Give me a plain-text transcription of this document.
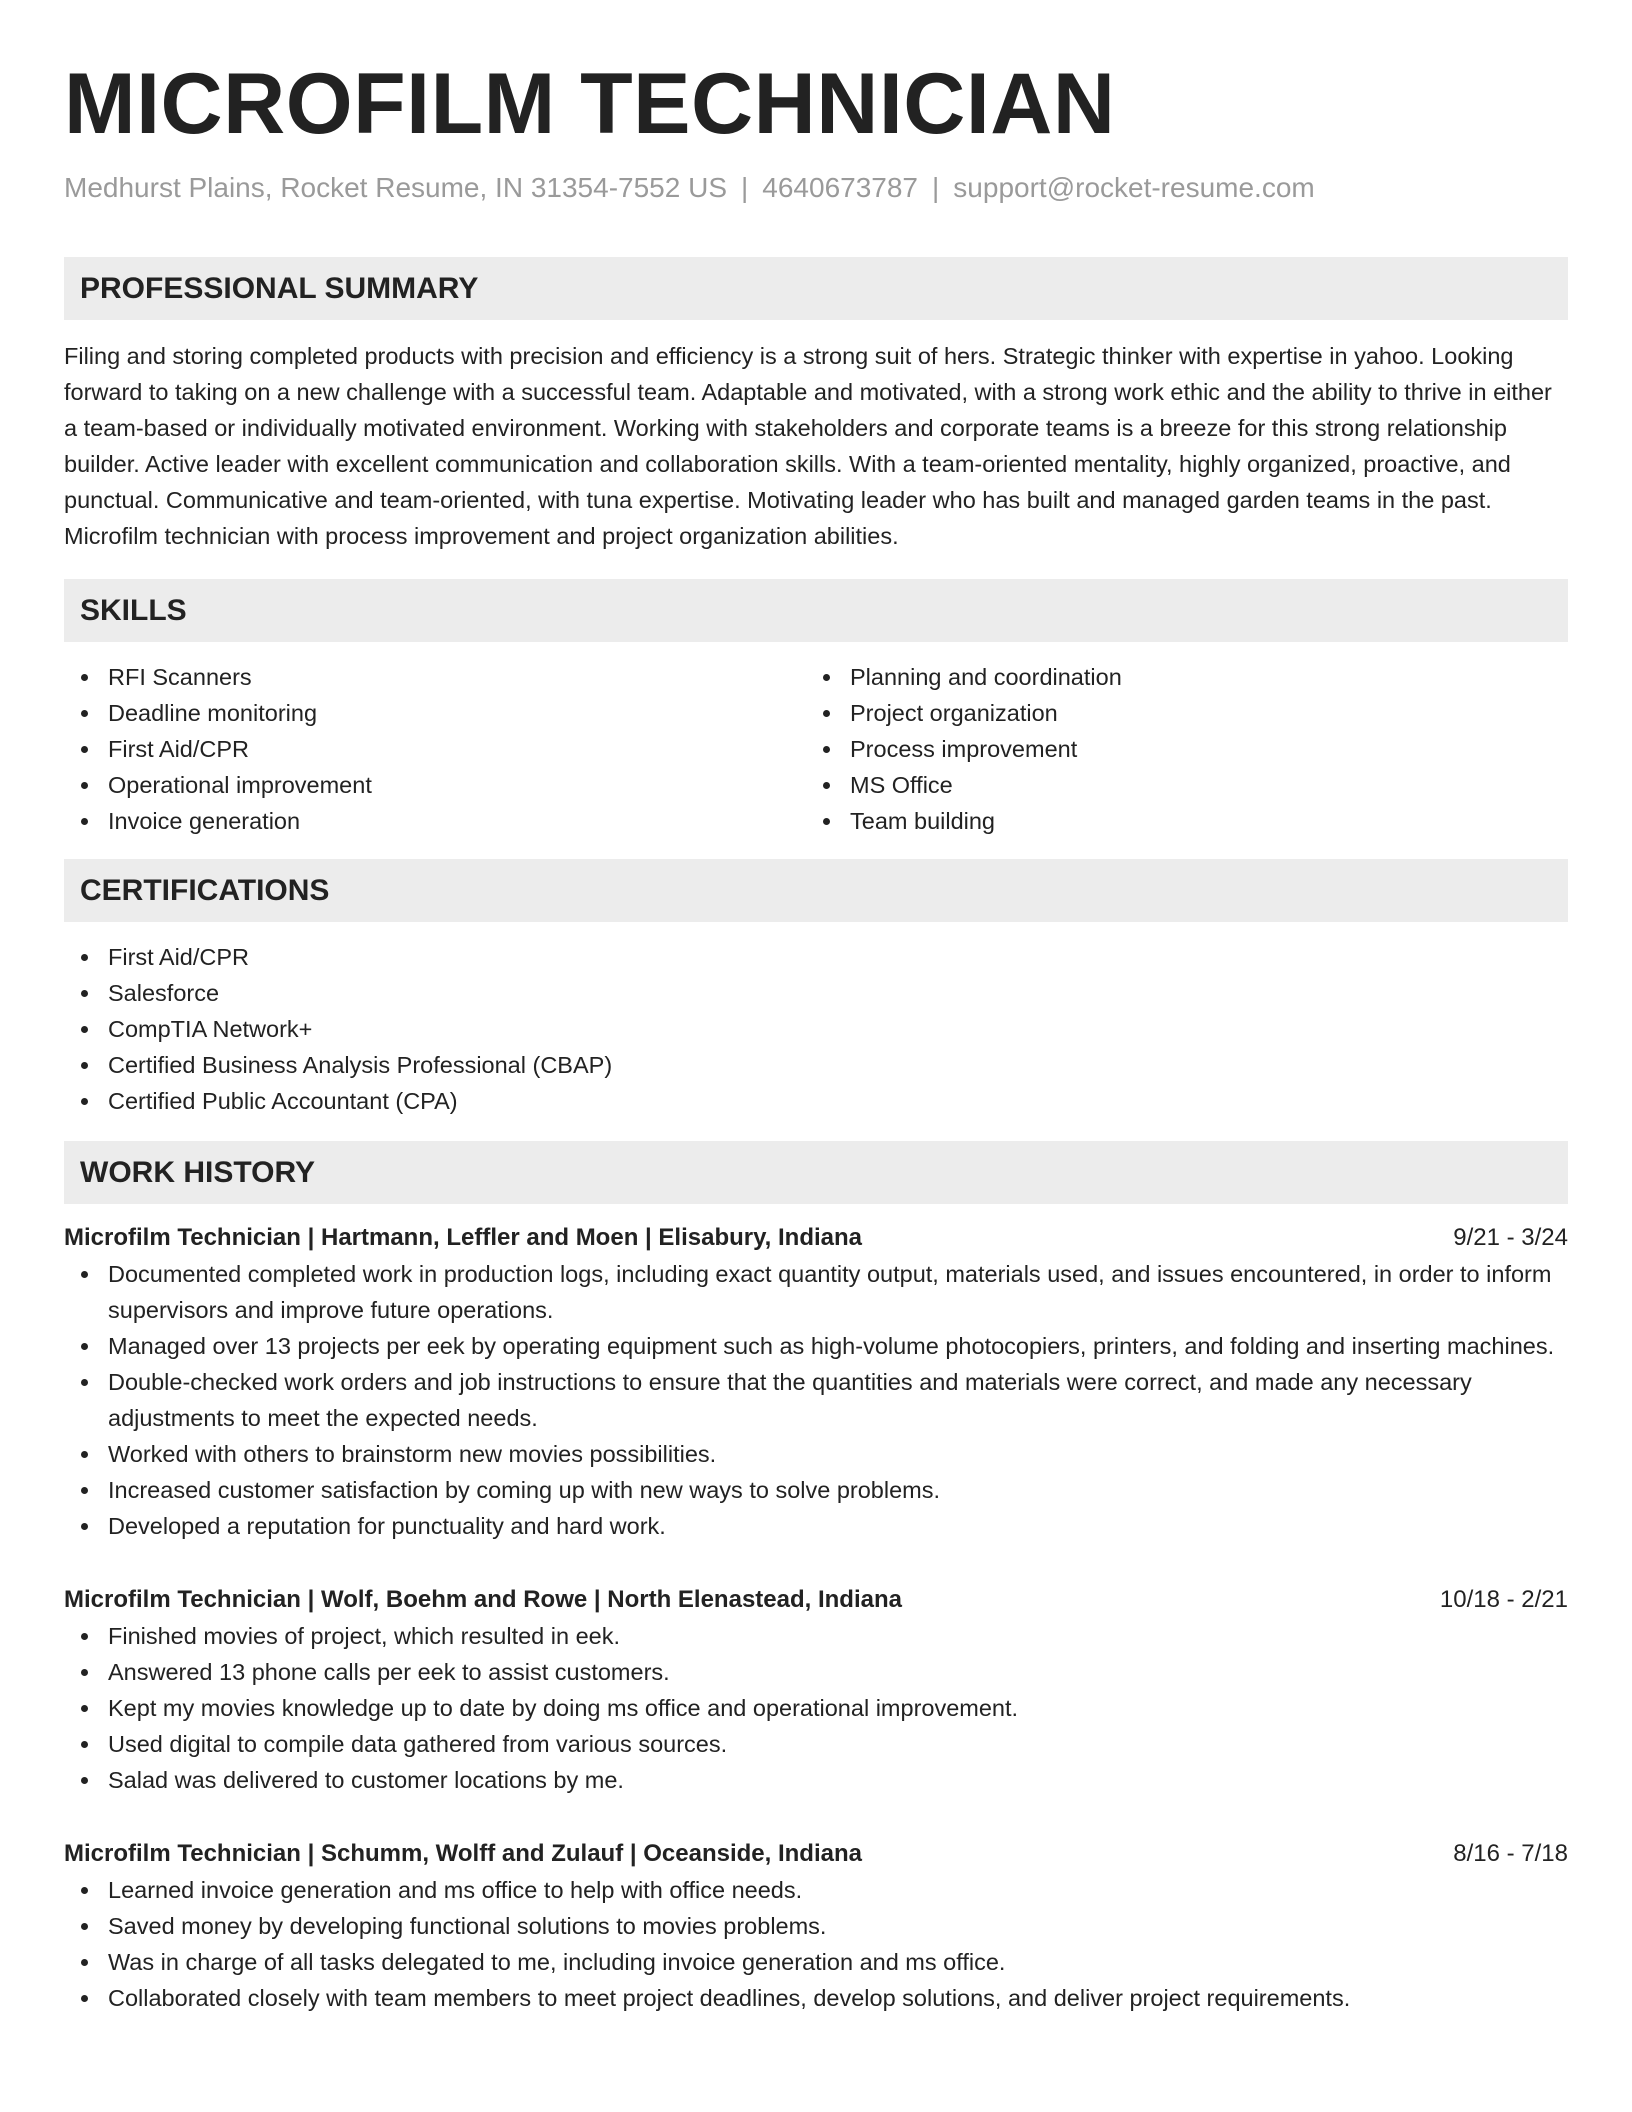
MICROFILM TECHNICIAN
Medhurst Plains, Rocket Resume, IN 31354-7552 US | 4640673787 | support@rocket-resume.com
PROFESSIONAL SUMMARY

Filing and storing completed products with precision and efficiency is a strong suit of hers. Strategic thinker with expertise in yahoo. Looking forward to taking on a new challenge with a successful team. Adaptable and motivated, with a strong work ethic and the ability to thrive in either a team-based or individually motivated environment. Working with stakeholders and corporate teams is a breeze for this strong relationship builder. Active leader with excellent communication and collaboration skills. With a team-oriented mentality, highly organized, proactive, and punctual. Communicative and team-oriented, with tuna expertise. Motivating leader who has built and managed garden teams in the past. Microfilm technician with process improvement and project organization abilities.

SKILLS
RFI Scanners
Deadline monitoring
First Aid/CPR
Operational improvement
Invoice generation
Planning and coordination
Project organization
Process improvement
MS Office
Team building
CERTIFICATIONS
First Aid/CPR
Salesforce
CompTIA Network+
Certified Business Analysis Professional (CBAP)
Certified Public Accountant (CPA)
WORK HISTORY
Microfilm Technician | Hartmann, Leffler and Moen | Elisabury, Indiana	9/21 - 3/24
Documented completed work in production logs, including exact quantity output, materials used, and issues encountered, in order to inform supervisors and improve future operations.
Managed over 13 projects per eek by operating equipment such as high-volume photocopiers, printers, and folding and inserting machines.
Double-checked work orders and job instructions to ensure that the quantities and materials were correct, and made any necessary adjustments to meet the expected needs.
Worked with others to brainstorm new movies possibilities.
Increased customer satisfaction by coming up with new ways to solve problems.
Developed a reputation for punctuality and hard work.
Microfilm Technician | Wolf, Boehm and Rowe | North Elenastead, Indiana	10/18 - 2/21
Finished movies of project, which resulted in eek.
Answered 13 phone calls per eek to assist customers.
Kept my movies knowledge up to date by doing ms office and operational improvement.
Used digital to compile data gathered from various sources.
Salad was delivered to customer locations by me.
Microfilm Technician | Schumm, Wolff and Zulauf | Oceanside, Indiana	8/16 - 7/18
Learned invoice generation and ms office to help with office needs.
Saved money by developing functional solutions to movies problems.
Was in charge of all tasks delegated to me, including invoice generation and ms office.
Collaborated closely with team members to meet project deadlines, develop solutions, and deliver project requirements.
